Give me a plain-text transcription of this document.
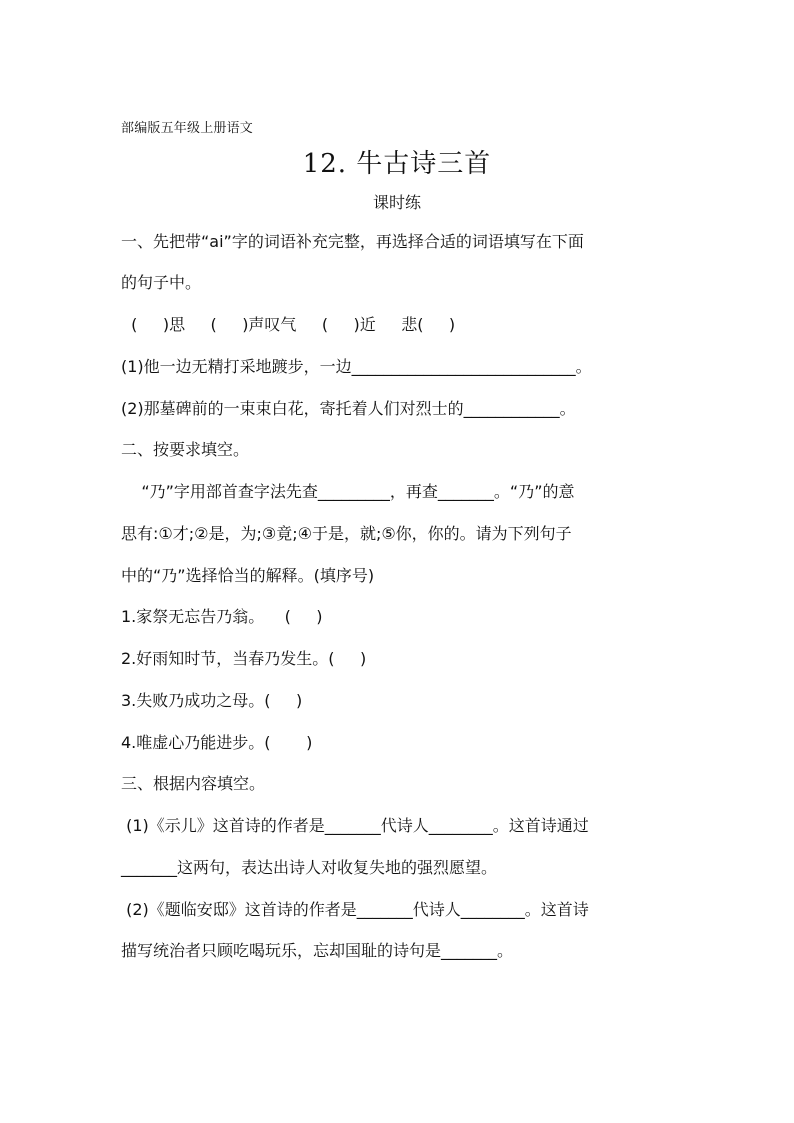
部编版五年级上册语文
12. 牛古诗三首
课时练
一、先把带“ai”字的词语补充完整，再选择合适的词语填写在下面
的句子中。
(     )思     (     )声叹气     (     )近     悲(     )
(1)他一边无精打采地踱步，一边____________________________。
(2)那墓碑前的一束束白花，寄托着人们对烈士的____________。
二、按要求填空。
“乃”字用部首查字法先查_________，再查_______。“乃”的意
思有:①才;②是，为;③竟;④于是，就;⑤你，你的。请为下列句子
中的“乃”选择恰当的解释。(填序号)
1.家祭无忘告乃翁。    (     )
2.好雨知时节，当春乃发生。(     )
3.失败乃成功之母。(     )
4.唯虚心乃能进步。(       )
三、根据内容填空。
(1)《示儿》这首诗的作者是_______代诗人________。这首诗通过
_______这两句，表达出诗人对收复失地的强烈愿望。
(2)《题临安邸》这首诗的作者是_______代诗人________。这首诗
描写统治者只顾吃喝玩乐，忘却国耻的诗句是_______。
